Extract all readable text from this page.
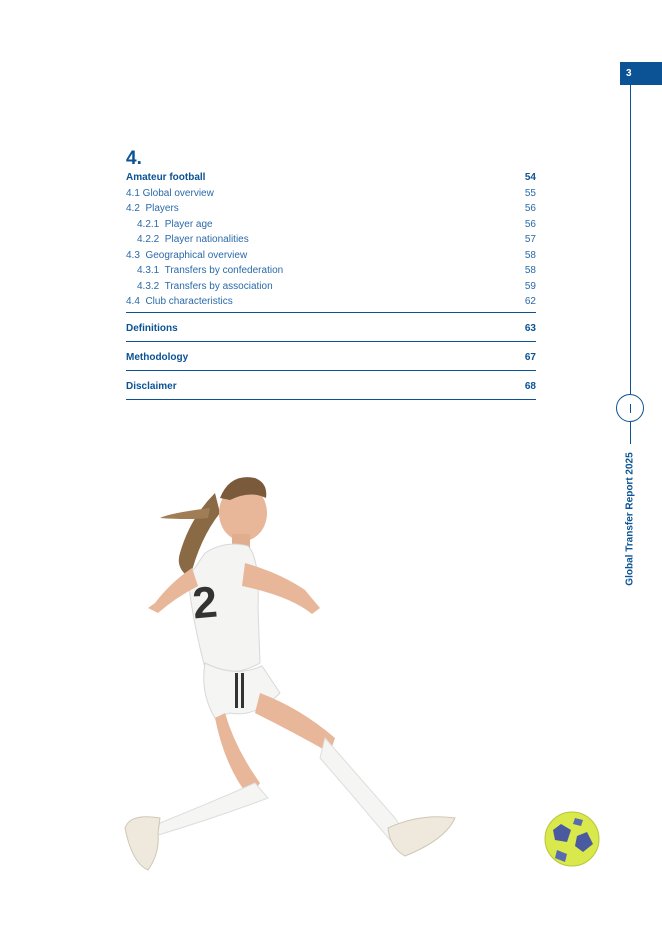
3
Global Transfer Report 2025
4.
Amateur football	54
4.1 Global overview	55
4.2  Players	56
4.2.1  Player age	56
4.2.2  Player nationalities	57
4.3  Geographical overview	58
4.3.1  Transfers by confederation	58
4.3.2  Transfers by association	59
4.4  Club characteristics	62
Definitions	63
Methodology	67
Disclaimer	68
2
